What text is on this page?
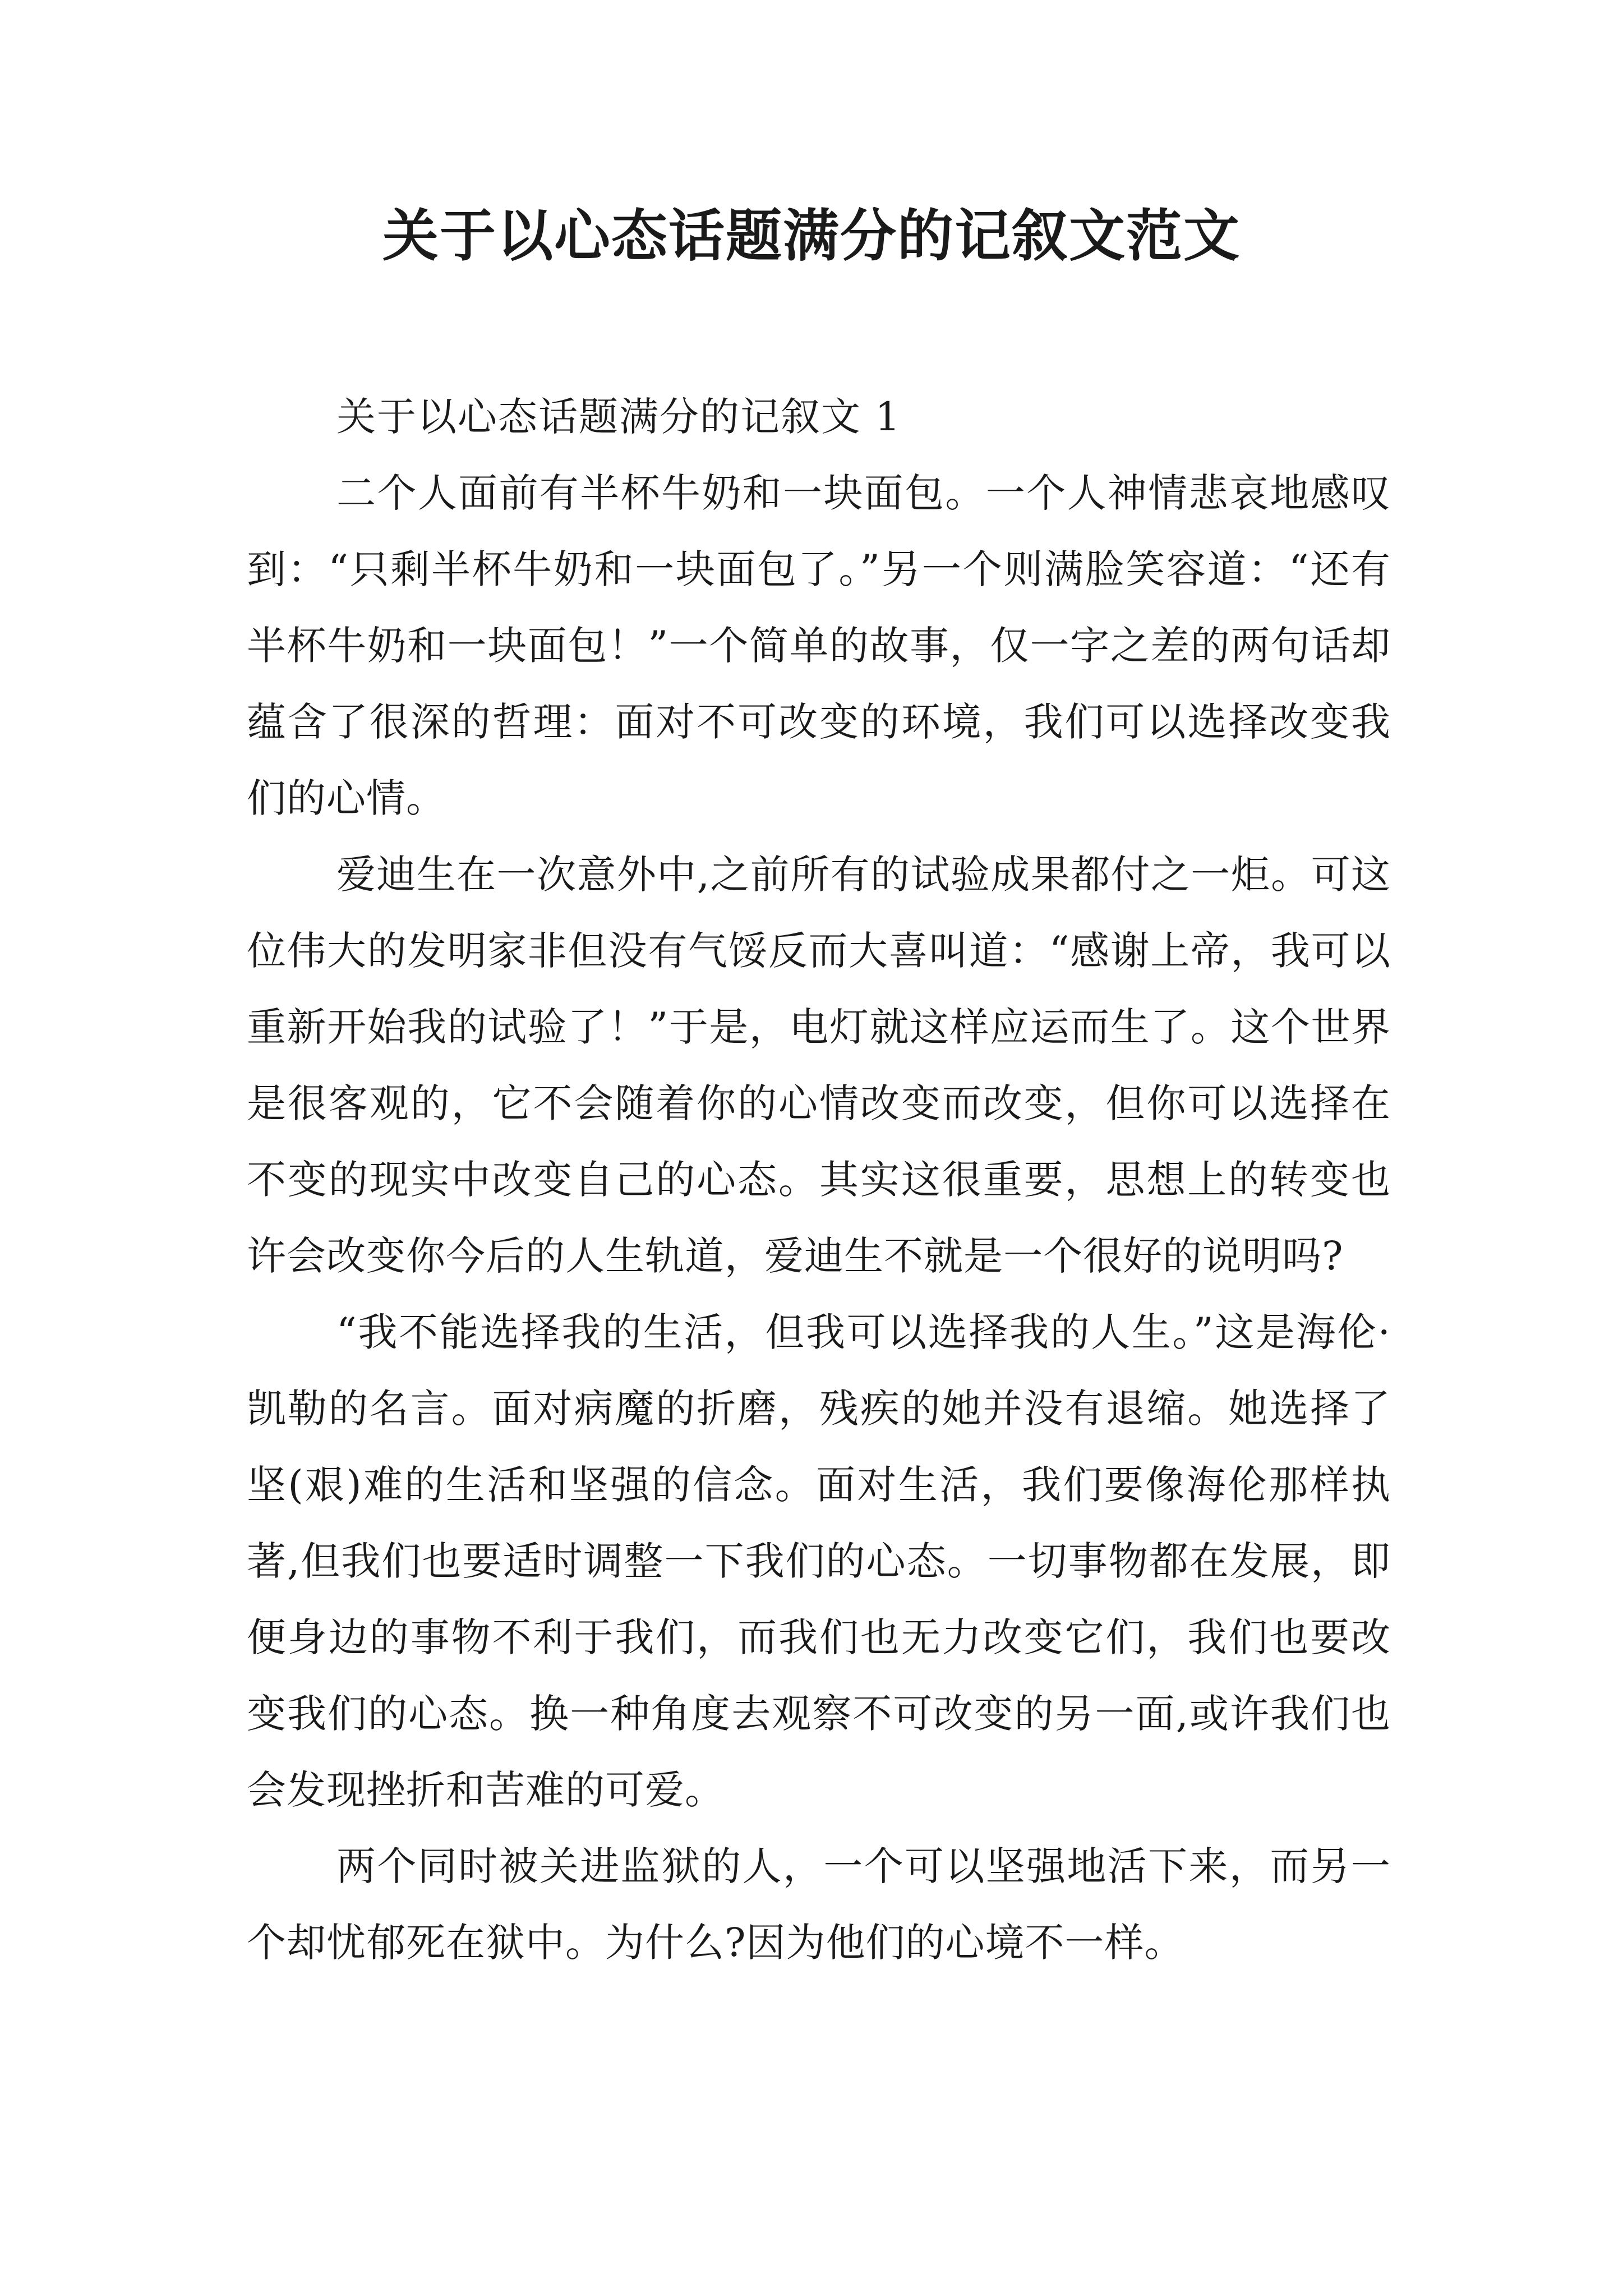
关于以心态话题满分的记叙文范文

关于以心态话题满分的记叙文 1

二个人面前有半杯牛奶和一块面包。一个人神情悲哀地感叹到：“只剩半杯牛奶和一块面包了。”另一个则满脸笑容道：“还有半杯牛奶和一块面包！”一个简单的故事，仅一字之差的两句话却蕴含了很深的哲理：面对不可改变的环境，我们可以选择改变我们的心情。

爱迪生在一次意外中,之前所有的试验成果都付之一炬。可这位伟大的发明家非但没有气馁反而大喜叫道：“感谢上帝，我可以重新开始我的试验了！”于是，电灯就这样应运而生了。这个世界是很客观的，它不会随着你的心情改变而改变，但你可以选择在不变的现实中改变自己的心态。其实这很重要，思想上的转变也许会改变你今后的人生轨道，爱迪生不就是一个很好的说明吗?

“我不能选择我的生活，但我可以选择我的人生。”这是海伦·凯勒的名言。面对病魔的折磨，残疾的她并没有退缩。她选择了坚(艰)难的生活和坚强的信念。面对生活，我们要像海伦那样执著,但我们也要适时调整一下我们的心态。一切事物都在发展，即便身边的事物不利于我们，而我们也无力改变它们，我们也要改变我们的心态。换一种角度去观察不可改变的另一面,或许我们也会发现挫折和苦难的可爱。

两个同时被关进监狱的人，一个可以坚强地活下来，而另一个却忧郁死在狱中。为什么?因为他们的心境不一样。
